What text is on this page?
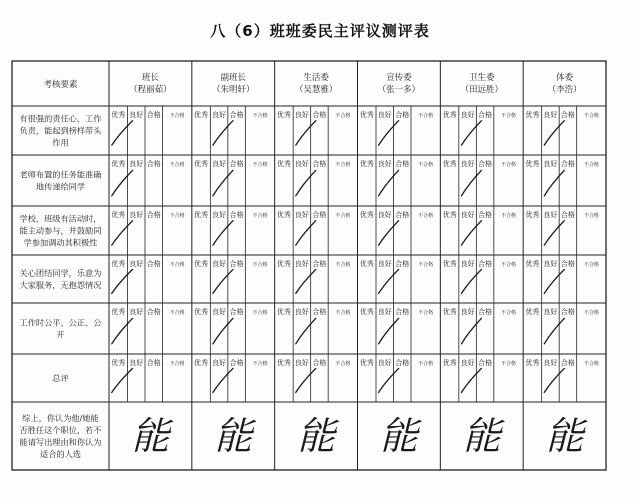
八（6）班班委民主评议测评表
考核要素
班长
（程丽茹）
副班长
（朱明轩）
生活委
（吴慧雅）
宣传委
（张一多）
卫生委
（田远胜）
体委
（李浩）
有很强的责任心、工作
负责，能起到榜样带头
作用
优秀 良好 合格 不合格 优秀 良好 合格 不合格 优秀 良好 合格 不合格 优秀 良好 合格 不合格 优秀 良好 合格 不合格 优秀 良好 合格 不合格
老师布置的任务能准确
地传递给同学
优秀 良好 合格 不合格 优秀 良好 合格 不合格 优秀 良好 合格 不合格 优秀 良好 合格 不合格 优秀 良好 合格 不合格 优秀 良好 合格 不合格
学校、班级有活动时，
能主动参与，并鼓励同
学参加调动其积极性
优秀 良好 合格 不合格 优秀 良好 合格 不合格 优秀 良好 合格 不合格 优秀 良好 合格 不合格 优秀 良好 合格 不合格 优秀 良好 合格 不合格
关心团结同学，乐意为
大家服务，无抱怨情况
优秀 良好 合格 不合格 优秀 良好 合格 不合格 优秀 良好 合格 不合格 优秀 良好 合格 不合格 优秀 良好 合格 不合格 优秀 良好 合格 不合格
工作时公平、公正、公
开
优秀 良好 合格 不合格 优秀 良好 合格 不合格 优秀 良好 合格 不合格 优秀 良好 合格 不合格 优秀 良好 合格 不合格 优秀 良好 合格 不合格
总评
优秀 良好 合格 不合格 优秀 良好 合格 不合格 优秀 良好 合格 不合格 优秀 良好 合格 不合格 优秀 良好 合格 不合格 优秀 良好 合格 不合格
综上，你认为他/她能
否胜任这个职位，若不
能请写出理由和你认为
适合的人选 能 能 能 能 能 能
